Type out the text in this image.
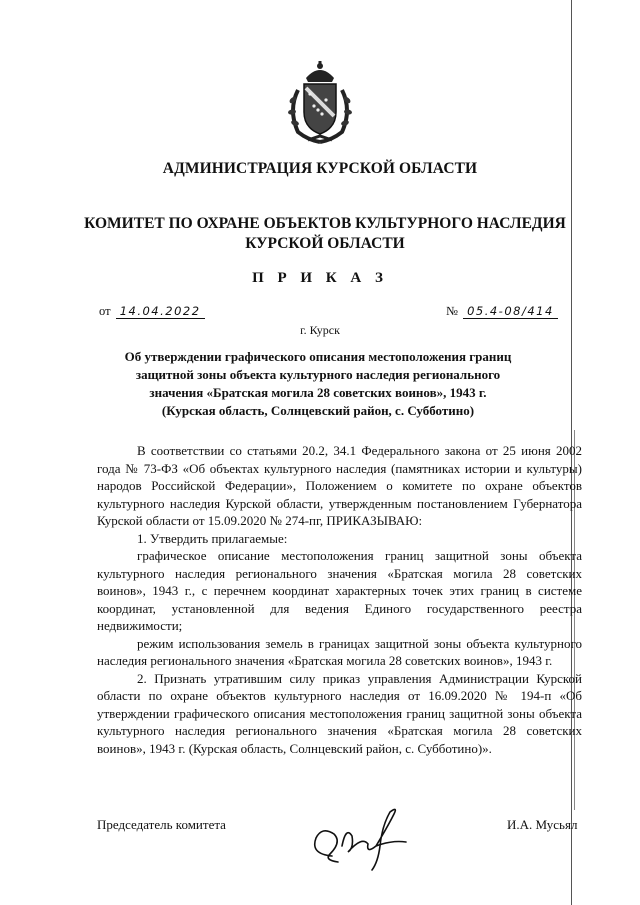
АДМИНИСТРАЦИЯ КУРСКОЙ ОБЛАСТИ
КОМИТЕТ ПО ОХРАНЕ ОБЪЕКТОВ КУЛЬТУРНОГО НАСЛЕДИЯ
КУРСКОЙ ОБЛАСТИ
П Р И К А З
от 14.04.2022	№ 05.4-08/414
г. Курск
Об утверждении графического описания местоположения границ
защитной зоны объекта культурного наследия регионального
значения «Братская могила 28 советских воинов», 1943 г.
(Курская область, Солнцевский район, с. Субботино)

В соответствии со статьями 20.2, 34.1 Федерального закона от 25 июня 2002 года № 73-ФЗ «Об объектах культурного наследия (памятниках истории и культуры) народов Российской Федерации», Положением о комитете по охране объектов культурного наследия Курской области, утвержденным постановлением Губернатора Курской области от 15.09.2020 № 274-пг, ПРИКАЗЫВАЮ:

1. Утвердить прилагаемые:

графическое описание местоположения границ защитной зоны объекта культурного наследия регионального значения «Братская могила 28 советских воинов», 1943 г., с перечнем координат характерных точек этих границ в системе координат, установленной для ведения Единого государственного реестра недвижимости;

режим использования земель в границах защитной зоны объекта культурного наследия регионального значения «Братская могила 28 советских воинов», 1943 г.

2. Признать утратившим силу приказ управления Администрации Курской области по охране объектов культурного наследия от 16.09.2020 № 194-п «Об утверждении графического описания местоположения границ защитной зоны объекта культурного наследия регионального значения «Братская могила 28 советских воинов», 1943 г. (Курская область, Солнцевский район, с. Субботино)».

Председатель комитета	И.А. Мусьял
